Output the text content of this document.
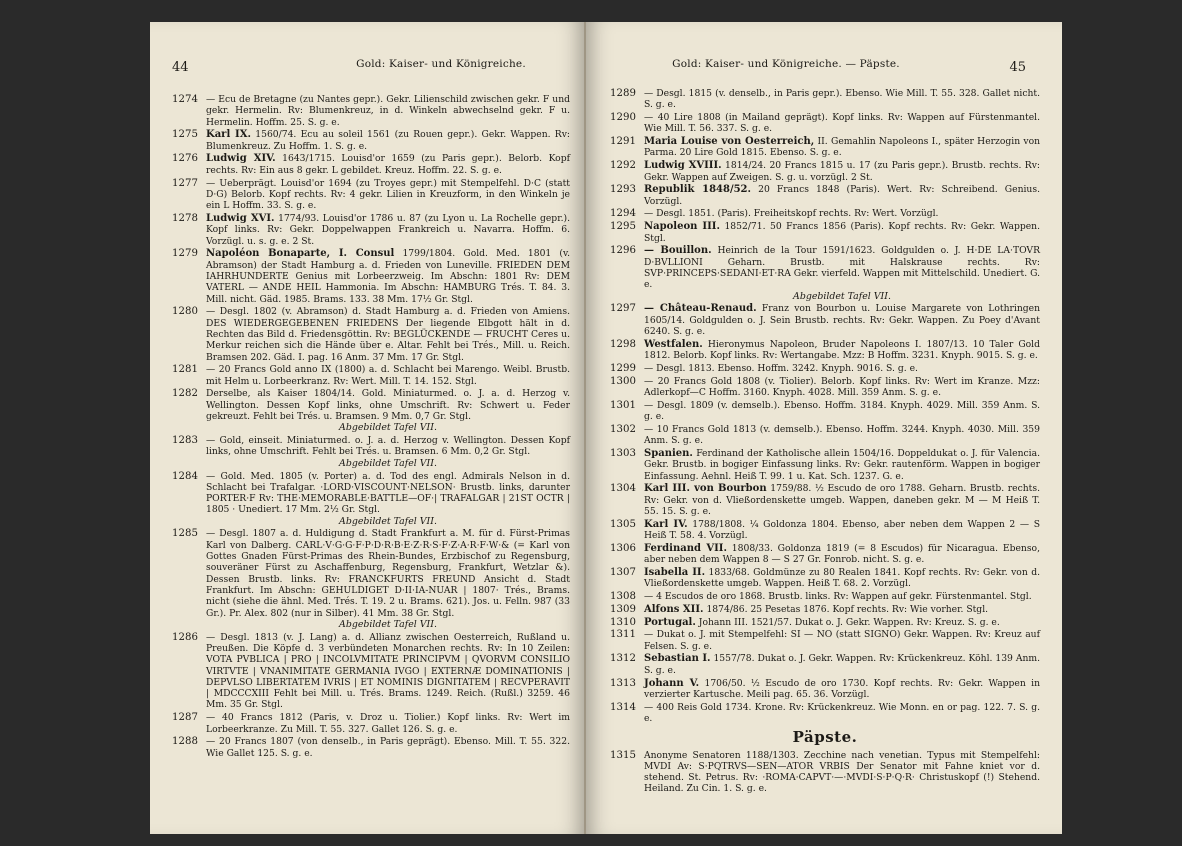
44	Gold: Kaiser- und Königreiche.
1274 — Ecu de Bretagne (zu Nantes gepr.). Gekr. Lilienschild zwischen gekr. F und gekr. Hermelin. Rv: Blumenkreuz, in d. Winkeln abwechselnd gekr. F u. Hermelin. Hoffm. 25. S. g. e.
1275 Karl IX. 1560/74. Ecu au soleil 1561 (zu Rouen gepr.). Gekr. Wappen. Rv: Blumenkreuz. Zu Hoffm. 1. S. g. e.
1276 Ludwig XIV. 1643/1715. Louisd'or 1659 (zu Paris gepr.). Belorb. Kopf rechts. Rv: Ein aus 8 gekr. L gebildet. Kreuz. Hoffm. 22. S. g. e.
1277 — Ueberprägt. Louisd'or 1694 (zu Troyes gepr.) mit Stempelfehl. D·C (statt D·G) Belorb. Kopf rechts. Rv: 4 gekr. Lilien in Kreuzform, in den Winkeln je ein L Hoffm. 33. S. g. e.
1278 Ludwig XVI. 1774/93. Louisd'or 1786 u. 87 (zu Lyon u. La Rochelle gepr.). Kopf links. Rv: Gekr. Doppelwappen Frankreich u. Navarra. Hoffm. 6. Vorzügl. u. s. g. e. 2 St.
1279 Napoléon Bonaparte, I. Consul 1799/1804. Gold. Med. 1801 (v. Abramson) der Stadt Hamburg a. d. Frieden von Luneville. FRIEDEN DEM IAHRHUNDERTE Genius mit Lorbeerzweig. Im Abschn: 1801 Rv: DEM VATERL — ANDE HEIL Hammonia. Im Abschn: HAMBURG Trés. T. 84. 3. Mill. nicht. Gäd. 1985. Brams. 133. 38 Mm. 17½ Gr. Stgl.
1280 — Desgl. 1802 (v. Abramson) d. Stadt Hamburg a. d. Frieden von Amiens. DES WIEDERGEGEBENEN FRIEDENS Der liegende Elbgott hält in d. Rechten das Bild d. Friedensgöttin. Rv: BEGLÜCKENDE — FRUCHT Ceres u. Merkur reichen sich die Hände über e. Altar. Fehlt bei Trés., Mill. u. Reich. Bramsen 202. Gäd. I. pag. 16 Anm. 37 Mm. 17 Gr. Stgl.
1281 — 20 Francs Gold anno IX (1800) a. d. Schlacht bei Marengo. Weibl. Brustb. mit Helm u. Lorbeerkranz. Rv: Wert. Mill. T. 14. 152. Stgl.
1282 Derselbe, als Kaiser 1804/14. Gold. Miniaturmed. o. J. a. d. Herzog v. Wellington. Dessen Kopf links, ohne Umschrift. Rv: Schwert u. Feder gekreuzt. Fehlt bei Trés. u. Bramsen. 9 Mm. 0,7 Gr. Stgl.
Abgebildet Tafel VII.
1283 — Gold, einseit. Miniaturmed. o. J. a. d. Herzog v. Wellington. Dessen Kopf links, ohne Umschrift. Fehlt bei Trés. u. Bramsen. 6 Mm. 0,2 Gr. Stgl.
Abgebildet Tafel VII.
1284 — Gold. Med. 1805 (v. Porter) a. d. Tod des engl. Admirals Nelson in d. Schlacht bei Trafalgar. ·LORD·VISCOUNT·NELSON· Brustb. links, darunter PORTER·F Rv: THE·MEMORABLE·BATTLE—OF·| TRAFALGAR | 21ST OCTR | 1805 · Unediert. 17 Mm. 2½ Gr. Stgl.
Abgebildet Tafel VII.
1285 — Desgl. 1807 a. d. Huldigung d. Stadt Frankfurt a. M. für d. Fürst-Primas Karl von Dalberg. CARL·V·G·G·F·P·D·R·B·E·Z·R·S·F·Z·A·R·F·W·& (= Karl von Gottes Gnaden Fürst-Primas des Rhein-Bundes, Erzbischof zu Regensburg, souveräner Fürst zu Aschaffenburg, Regensburg, Frankfurt, Wetzlar &). Dessen Brustb. links. Rv: FRANCKFURTS FREUND Ansicht d. Stadt Frankfurt. Im Abschn: GEHULDIGET D·II·IA-NUAR | 1807· Trés., Brams. nicht (siehe die ähnl. Med. Trés. T. 19. 2 u. Brams. 621). Jos. u. Felln. 987 (33 Gr.). Pr. Alex. 802 (nur in Silber). 41 Mm. 38 Gr. Stgl.
Abgebildet Tafel VII.
1286 — Desgl. 1813 (v. J. Lang) a. d. Allianz zwischen Oesterreich, Rußland u. Preußen. Die Köpfe d. 3 verbündeten Monarchen rechts. Rv: In 10 Zeilen: VOTA PVBLICA | PRO | INCOLVMITATE PRINCIPVM | QVORVM CONSILIO VIRTVTE | VNANIMITATE GERMANIA IVGO | EXTERNÆ DOMINATIONIS | DEPVLSO LIBERTATEM IVRIS | ET NOMINIS DIGNITATEM | RECVPERAVIT | MDCCCXIII Fehlt bei Mill. u. Trés. Brams. 1249. Reich. (Rußl.) 3259. 46 Mm. 35 Gr. Stgl.
1287 — 40 Francs 1812 (Paris, v. Droz u. Tiolier.) Kopf links. Rv: Wert im Lorbeerkranze. Zu Mill. T. 55. 327. Gallet 126. S. g. e.
1288 — 20 Francs 1807 (von denselb., in Paris geprägt). Ebenso. Mill. T. 55. 322. Wie Gallet 125. S. g. e.
Gold: Kaiser- und Königreiche. — Päpste.	45
1289 — Desgl. 1815 (v. denselb., in Paris gepr.). Ebenso. Wie Mill. T. 55. 328. Gallet nicht. S. g. e.
1290 — 40 Lire 1808 (in Mailand geprägt). Kopf links. Rv: Wappen auf Fürstenmantel. Wie Mill. T. 56. 337. S. g. e.
1291 Maria Louise von Oesterreich, II. Gemahlin Napoleons I., später Herzogin von Parma. 20 Lire Gold 1815. Ebenso. S. g. e.
1292 Ludwig XVIII. 1814/24. 20 Francs 1815 u. 17 (zu Paris gepr.). Brustb. rechts. Rv: Gekr. Wappen auf Zweigen. S. g. u. vorzügl. 2 St.
1293 Republik 1848/52. 20 Francs 1848 (Paris). Wert. Rv: Schreibend. Genius. Vorzügl.
1294 — Desgl. 1851. (Paris). Freiheitskopf rechts. Rv: Wert. Vorzügl.
1295 Napoleon III. 1852/71. 50 Francs 1856 (Paris). Kopf rechts. Rv: Gekr. Wappen. Stgl.
1296 — Bouillon. Heinrich de la Tour 1591/1623. Goldgulden o. J. H·DE LA·TOVR D·BVLLIONI Geharn. Brustb. mit Halskrause rechts. Rv: SVP·PRINCEPS·SEDANI·ET·RA Gekr. vierfeld. Wappen mit Mittelschild. Unediert. G. e.
Abgebildet Tafel VII.
1297 — Château-Renaud. Franz von Bourbon u. Louise Margarete von Lothringen 1605/14. Goldgulden o. J. Sein Brustb. rechts. Rv: Gekr. Wappen. Zu Poey d'Avant 6240. S. g. e.
1298 Westfalen. Hieronymus Napoleon, Bruder Napoleons I. 1807/13. 10 Taler Gold 1812. Belorb. Kopf links. Rv: Wertangabe. Mzz: B Hoffm. 3231. Knyph. 9015. S. g. e.
1299 — Desgl. 1813. Ebenso. Hoffm. 3242. Knyph. 9016. S. g. e.
1300 — 20 Francs Gold 1808 (v. Tiolier). Belorb. Kopf links. Rv: Wert im Kranze. Mzz: Adlerkopf—C Hoffm. 3160. Knyph. 4028. Mill. 359 Anm. S. g. e.
1301 — Desgl. 1809 (v. demselb.). Ebenso. Hoffm. 3184. Knyph. 4029. Mill. 359 Anm. S. g. e.
1302 — 10 Francs Gold 1813 (v. demselb.). Ebenso. Hoffm. 3244. Knyph. 4030. Mill. 359 Anm. S. g. e.
1303 Spanien. Ferdinand der Katholische allein 1504/16. Doppeldukat o. J. für Valencia. Gekr. Brustb. in bogiger Einfassung links. Rv: Gekr. rautenförm. Wappen in bogiger Einfassung. Aehnl. Heiß T. 99. 1 u. Kat. Sch. 1237. G. e.
1304 Karl III. von Bourbon 1759/88. ½ Escudo de oro 1788. Geharn. Brustb. rechts. Rv: Gekr. von d. Vließordenskette umgeb. Wappen, daneben gekr. M — M Heiß T. 55. 15. S. g. e.
1305 Karl IV. 1788/1808. ¼ Goldonza 1804. Ebenso, aber neben dem Wappen 2 — S Heiß T. 58. 4. Vorzügl.
1306 Ferdinand VII. 1808/33. Goldonza 1819 (= 8 Escudos) für Nicaragua. Ebenso, aber neben dem Wappen 8 — S 27 Gr. Fonrob. nicht. S. g. e.
1307 Isabella II. 1833/68. Goldmünze zu 80 Realen 1841. Kopf rechts. Rv: Gekr. von d. Vließordenskette umgeb. Wappen. Heiß T. 68. 2. Vorzügl.
1308 — 4 Escudos de oro 1868. Brustb. links. Rv: Wappen auf gekr. Fürstenmantel. Stgl.
1309 Alfons XII. 1874/86. 25 Pesetas 1876. Kopf rechts. Rv: Wie vorher. Stgl.
1310 Portugal. Johann III. 1521/57. Dukat o. J. Gekr. Wappen. Rv: Kreuz. S. g. e.
1311 — Dukat o. J. mit Stempelfehl: SI — NO (statt SIGNO) Gekr. Wappen. Rv: Kreuz auf Felsen. S. g. e.
1312 Sebastian I. 1557/78. Dukat o. J. Gekr. Wappen. Rv: Krückenkreuz. Köhl. 139 Anm. S. g. e.
1313 Johann V. 1706/50. ½ Escudo de oro 1730. Kopf rechts. Rv: Gekr. Wappen in verzierter Kartusche. Meili pag. 65. 36. Vorzügl.
1314 — 400 Reis Gold 1734. Krone. Rv: Krückenkreuz. Wie Monn. en or pag. 122. 7. S. g. e.
Päpste.
1315 Anonyme Senatoren 1188/1303. Zecchine nach venetian. Typus mit Stempelfehl: MVDI Av: S·PQTRVS—SEN—ATOR VRBIS Der Senator mit Fahne kniet vor d. stehend. St. Petrus. Rv: ·ROMA·CAPVT·—·MVDI·S·P·Q·R· Christuskopf (!) Stehend. Heiland. Zu Cin. 1. S. g. e.
